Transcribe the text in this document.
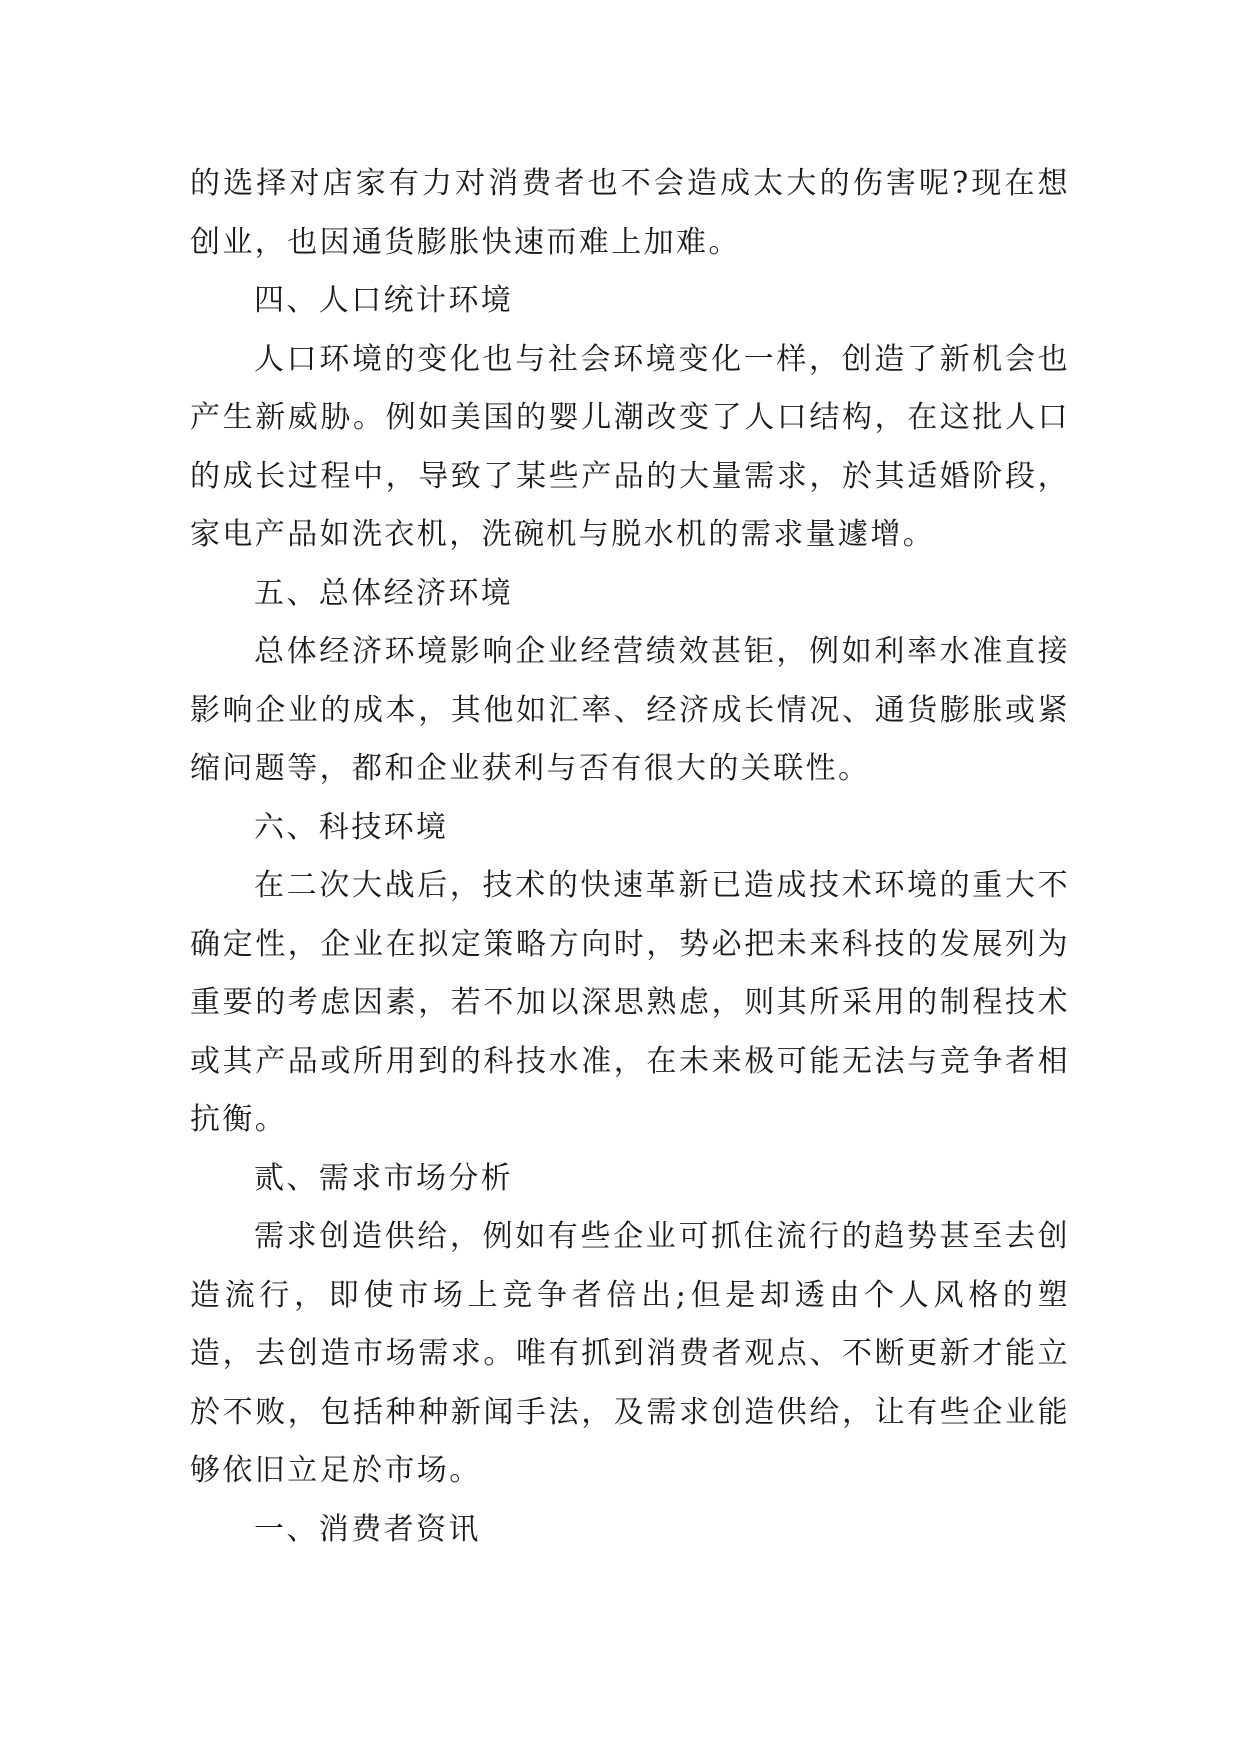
的选择对店家有力对消费者也不会造成太大的伤害呢?现在想创业，也因通货膨胀快速而难上加难。

四、人口统计环境

人口环境的变化也与社会环境变化一样，创造了新机会也产生新威胁。例如美国的婴儿潮改变了人口结构，在这批人口的成长过程中，导致了某些产品的大量需求，於其适婚阶段，家电产品如洗衣机，洗碗机与脱水机的需求量遽增。

五、总体经济环境

总体经济环境影响企业经营绩效甚钜，例如利率水准直接影响企业的成本，其他如汇率、经济成长情况、通货膨胀或紧缩问题等，都和企业获利与否有很大的关联性。

六、科技环境

在二次大战后，技术的快速革新已造成技术环境的重大不确定性，企业在拟定策略方向时，势必把未来科技的发展列为重要的考虑因素，若不加以深思熟虑，则其所采用的制程技术或其产品或所用到的科技水准，在未来极可能无法与竞争者相抗衡。

贰、需求市场分析

需求创造供给，例如有些企业可抓住流行的趋势甚至去创造流行，即使市场上竞争者倍出;但是却透由个人风格的塑造，去创造市场需求。唯有抓到消费者观点、不断更新才能立於不败，包括种种新闻手法，及需求创造供给，让有些企业能够依旧立足於市场。

一、消费者资讯
